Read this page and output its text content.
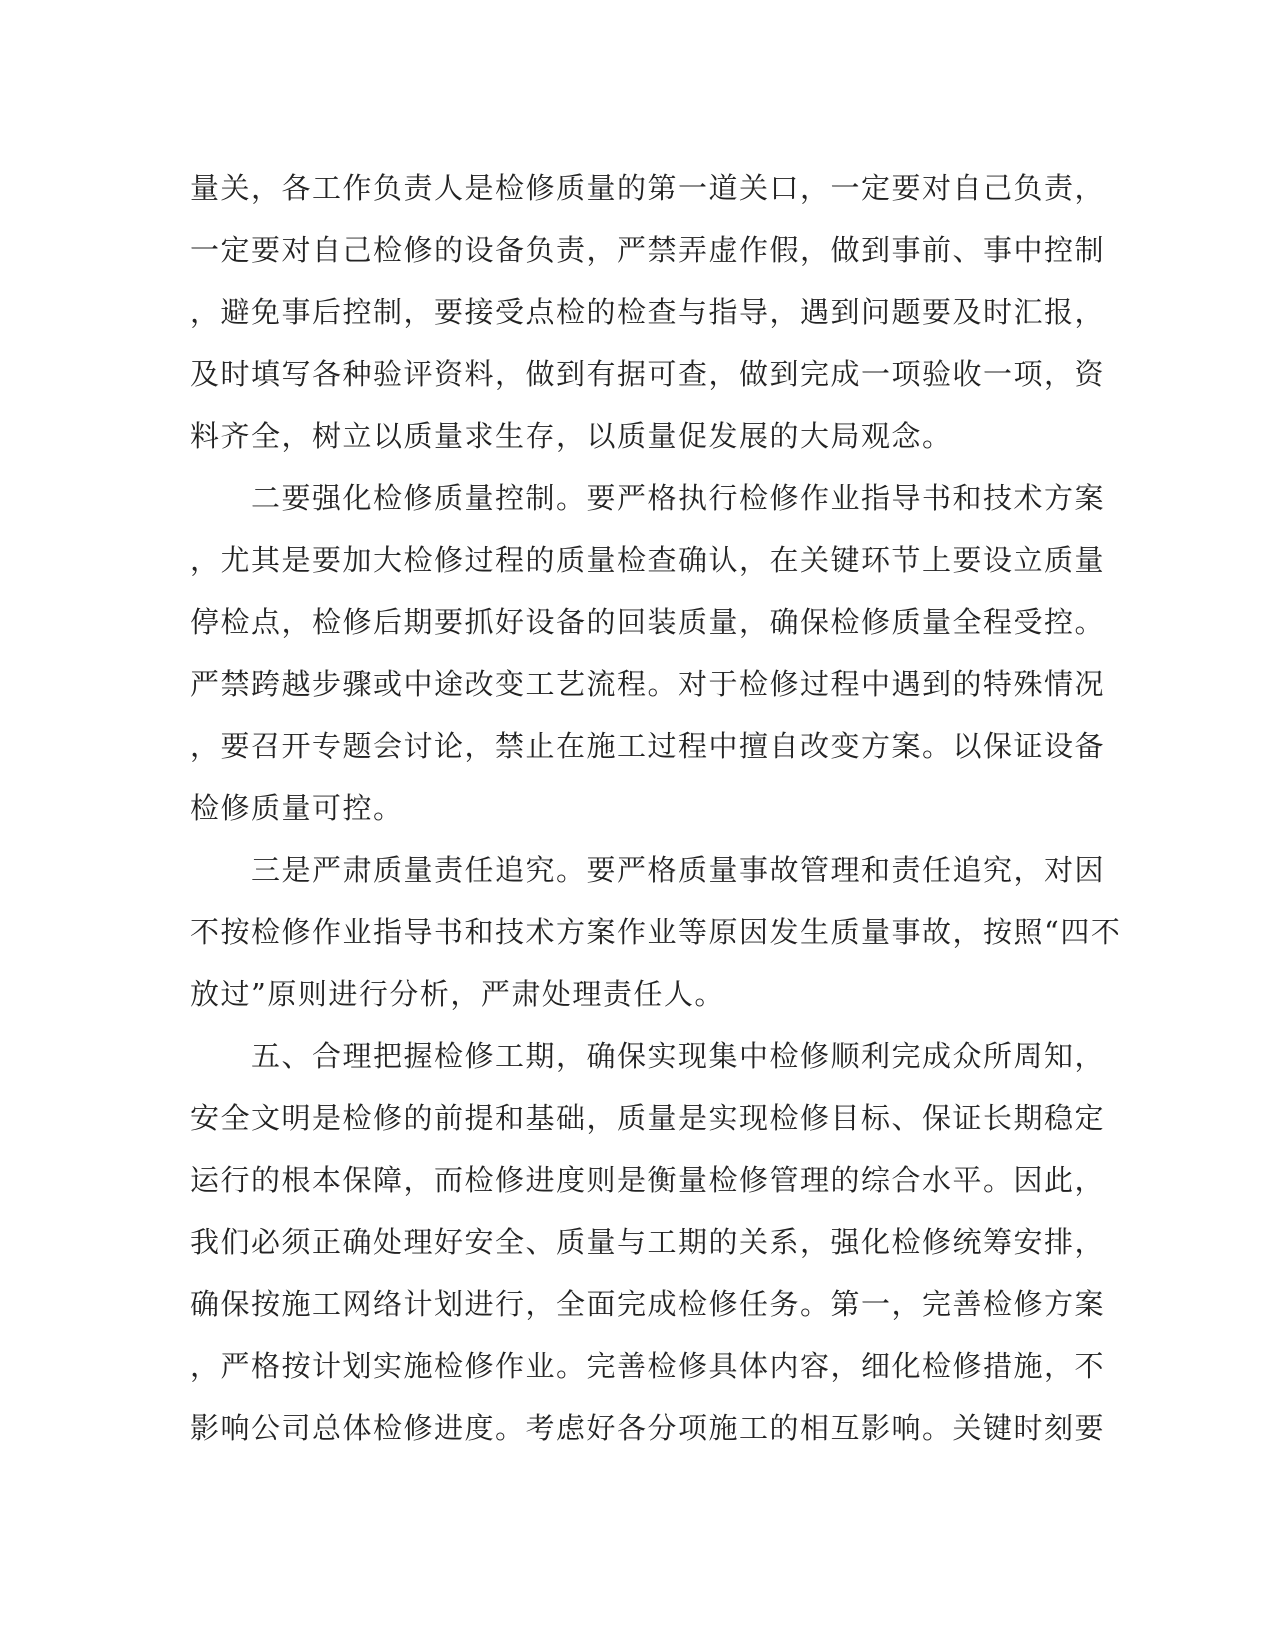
量关，各工作负责人是检修质量的第一道关口，一定要对自己负责，
一定要对自己检修的设备负责，严禁弄虚作假，做到事前、事中控制
，避免事后控制，要接受点检的检查与指导，遇到问题要及时汇报，
及时填写各种验评资料，做到有据可查，做到完成一项验收一项，资
料齐全，树立以质量求生存，以质量促发展的大局观念。
　　二要强化检修质量控制。要严格执行检修作业指导书和技术方案
，尤其是要加大检修过程的质量检查确认，在关键环节上要设立质量
停检点，检修后期要抓好设备的回装质量，确保检修质量全程受控。
严禁跨越步骤或中途改变工艺流程。对于检修过程中遇到的特殊情况
，要召开专题会讨论，禁止在施工过程中擅自改变方案。以保证设备
检修质量可控。
　　三是严肃质量责任追究。要严格质量事故管理和责任追究，对因
不按检修作业指导书和技术方案作业等原因发生质量事故，按照“四不
放过”原则进行分析，严肃处理责任人。
　　五、合理把握检修工期，确保实现集中检修顺利完成众所周知，
安全文明是检修的前提和基础，质量是实现检修目标、保证长期稳定
运行的根本保障，而检修进度则是衡量检修管理的综合水平。因此，
我们必须正确处理好安全、质量与工期的关系，强化检修统筹安排，
确保按施工网络计划进行，全面完成检修任务。第一，完善检修方案
，严格按计划实施检修作业。完善检修具体内容，细化检修措施，不
影响公司总体检修进度。考虑好各分项施工的相互影响。关键时刻要
